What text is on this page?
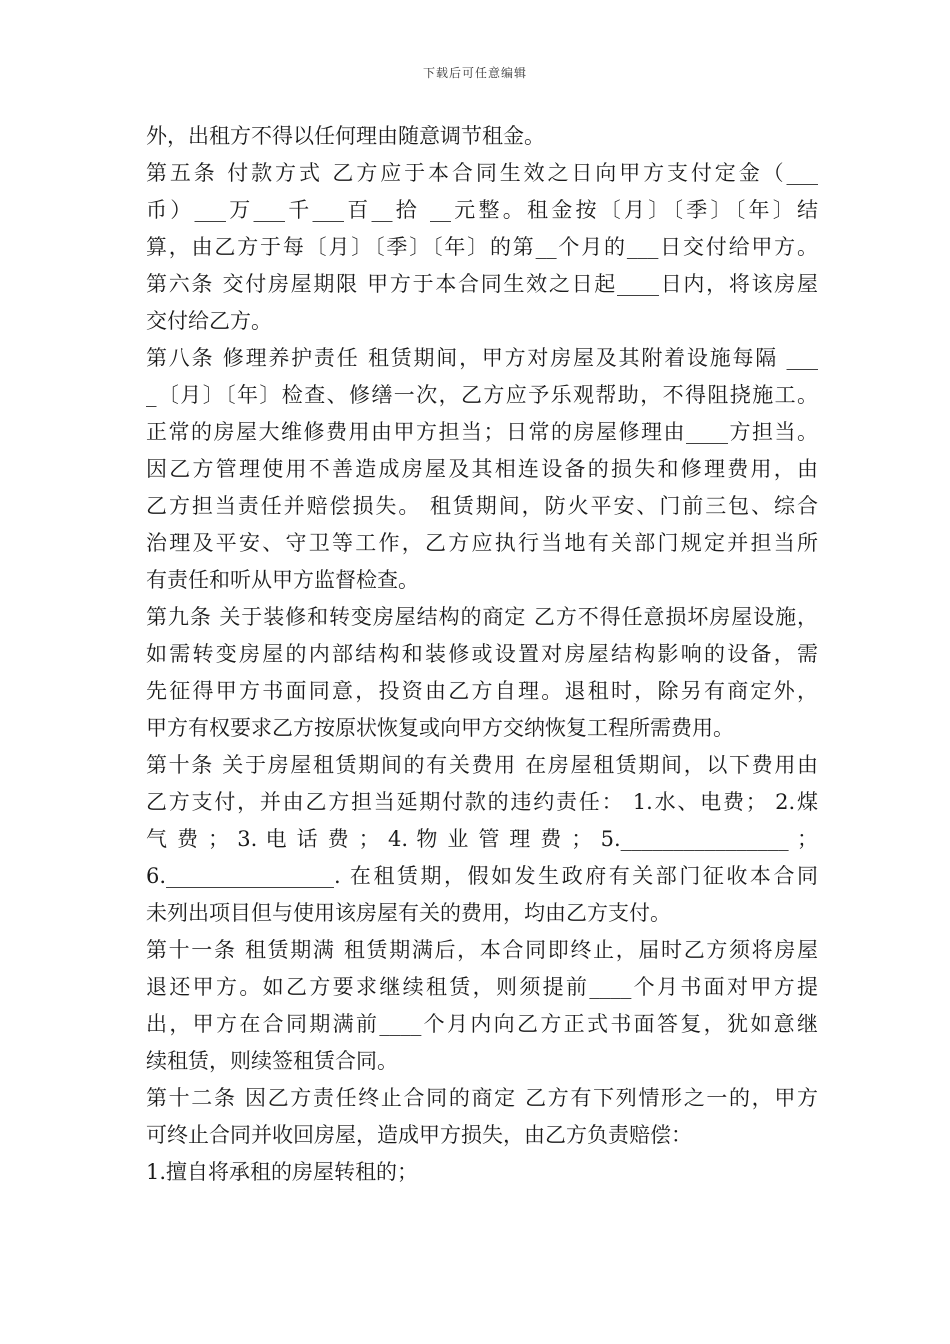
下载后可任意编辑
外，出租方不得以任何理由随意调节租金。
第五条 付款方式 乙方应于本合同生效之日向甲方支付定金（___
币）___万___千___百__拾 __元整。租金按〔月〕〔季〕〔年〕结
算，由乙方于每〔月〕〔季〕〔年〕的第__个月的___日交付给甲方。
第六条 交付房屋期限 甲方于本合同生效之日起____日内，将该房屋
交付给乙方。
第八条 修理养护责任 租赁期间，甲方对房屋及其附着设施每隔 ___
_〔月〕〔年〕检查、修缮一次，乙方应予乐观帮助，不得阻挠施工。
正常的房屋大维修费用由甲方担当；日常的房屋修理由____方担当。
因乙方管理使用不善造成房屋及其相连设备的损失和修理费用，由
乙方担当责任并赔偿损失。 租赁期间，防火平安、门前三包、综合
治理及平安、守卫等工作，乙方应执行当地有关部门规定并担当所
有责任和听从甲方监督检查。
第九条 关于装修和转变房屋结构的商定 乙方不得任意损坏房屋设施，
如需转变房屋的内部结构和装修或设置对房屋结构影响的设备，需
先征得甲方书面同意，投资由乙方自理。退租时，除另有商定外，
甲方有权要求乙方按原状恢复或向甲方交纳恢复工程所需费用。
第十条 关于房屋租赁期间的有关费用 在房屋租赁期间，以下费用由
乙方支付，并由乙方担当延期付款的违约责任： 1.水、电费； 2.煤
气 费 ； 3. 电 话 费 ； 4. 物 业 管 理 费 ； 5.________________ ；
6.________________. 在租赁期，假如发生政府有关部门征收本合同
未列出项目但与使用该房屋有关的费用，均由乙方支付。
第十一条 租赁期满 租赁期满后，本合同即终止，届时乙方须将房屋
退还甲方。如乙方要求继续租赁，则须提前____个月书面对甲方提
出，甲方在合同期满前____个月内向乙方正式书面答复，犹如意继
续租赁，则续签租赁合同。
第十二条 因乙方责任终止合同的商定 乙方有下列情形之一的，甲方
可终止合同并收回房屋，造成甲方损失，由乙方负责赔偿：
1.擅自将承租的房屋转租的；
